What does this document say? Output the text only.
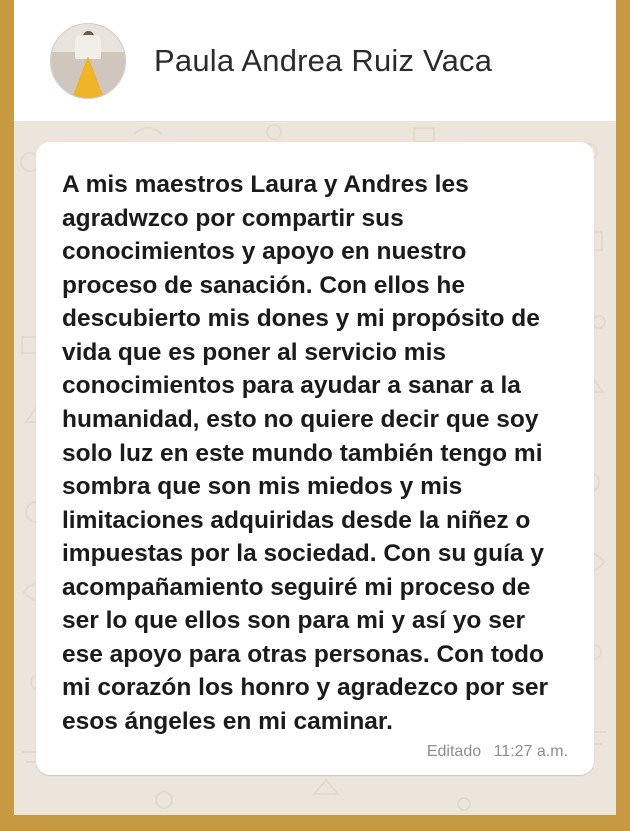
Paula Andrea Ruiz Vaca
A mis maestros Laura y Andres les agradwzco por compartir sus conocimientos y apoyo en nuestro proceso de sanación. Con ellos he descubierto mis dones y mi propósito de vida que es poner al servicio mis conocimientos para ayudar a sanar a la humanidad, esto no quiere decir que soy solo luz en este mundo también tengo mi sombra que son mis miedos y mis  limitaciones adquiridas desde la niñez o impuestas por la sociedad. Con su guía y acompañamiento seguiré mi proceso de ser lo que ellos son para mi y así yo ser ese apoyo para otras personas. Con todo mi corazón los honro y agradezco por ser esos ángeles en mi caminar.
Editado 11:27 a.m.
